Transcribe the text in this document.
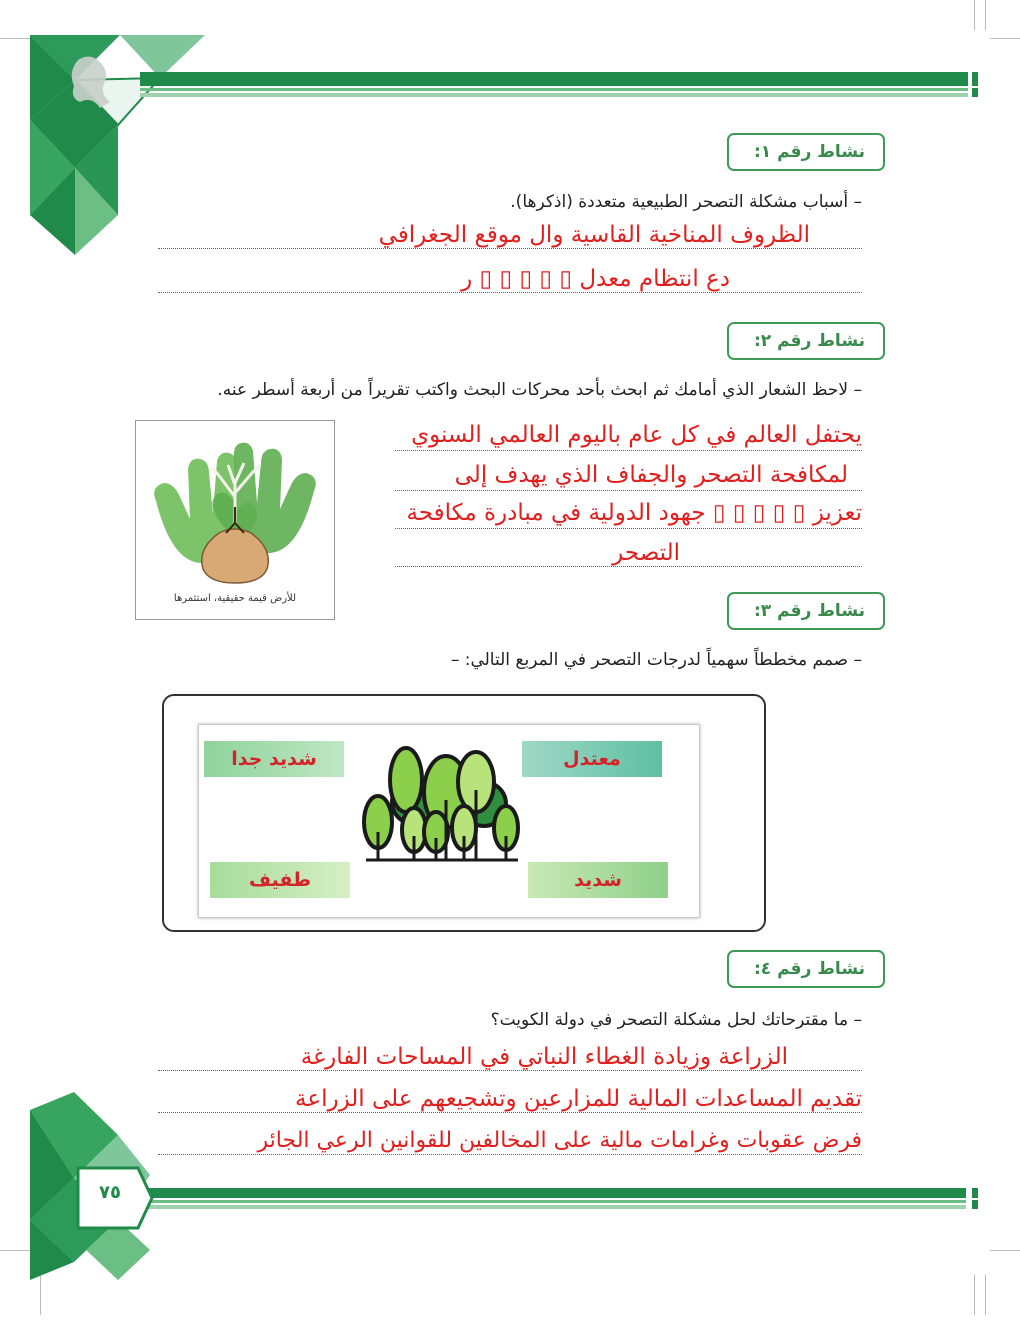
نشاط رقم ١:
– أسباب مشكلة التصحر الطبيعية متعددة (اذكرها).
الظروف المناخية القاسية وال موقع الجغرافي
دع انتظام معدل ▯ ▯ ▯ ▯ ▯ ر
نشاط رقم ٢:
– لاحظ الشعار الذي أمامك ثم ابحث بأحد محركات البحث واكتب تقريراً من أربعة أسطر عنه.
للأرض قيمة حقيقية، استثمرها
يحتفل العالم في كل عام باليوم العالمي السنوي
لمكافحة التصحر والجفاف الذي يهدف إلى
تعزيز ▯ ▯ ▯ ▯ ▯ جهود الدولية في مبادرة مكافحة
التصحر
نشاط رقم ٣:
– صمم مخططاً سهمياً لدرجات التصحر في المربع التالي: –
معتدل
شديد جدا
شديد
طفيف
نشاط رقم ٤:
– ما مقترحاتك لحل مشكلة التصحر في دولة الكويت؟
الزراعة وزيادة الغطاء النباتي في المساحات الفارغة
تقديم المساعدات المالية للمزارعين وتشجيعهم على الزراعة
فرض عقوبات وغرامات مالية على المخالفين للقوانين الرعي الجائر
٧٥
